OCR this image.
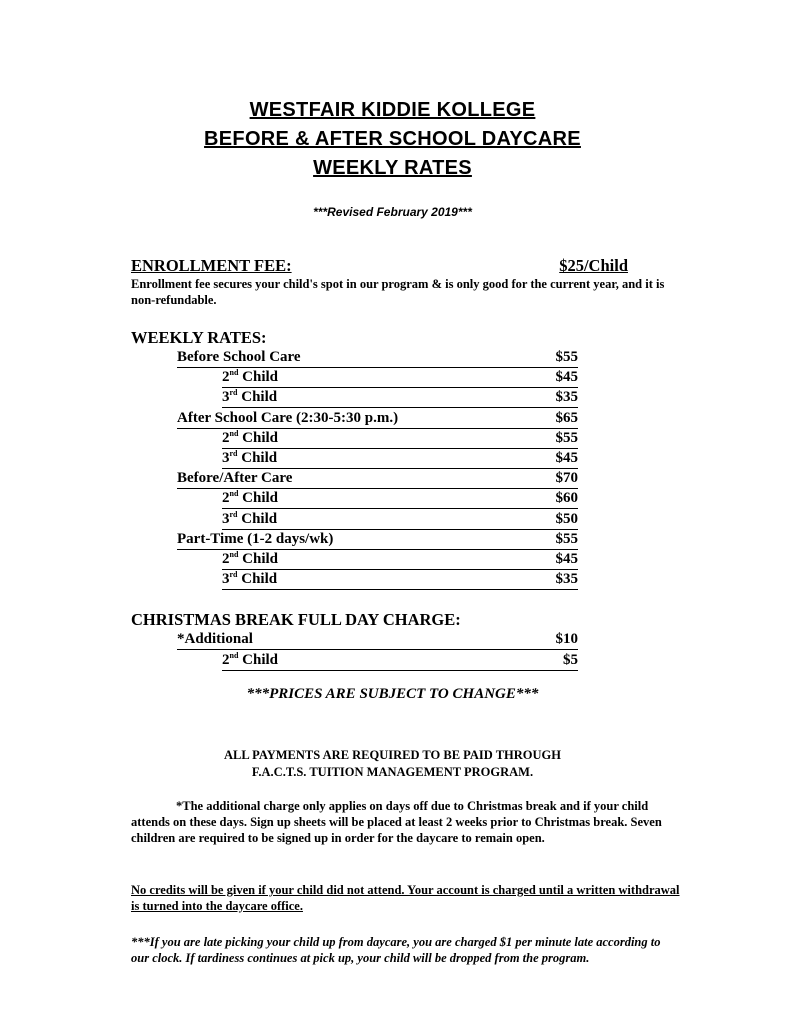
WESTFAIR KIDDIE KOLLEGE
BEFORE & AFTER SCHOOL DAYCARE
WEEKLY RATES
***Revised February 2019***
ENROLLMENT FEE:	$25/Child
Enrollment fee secures your child's spot in our program & is only good for the current year, and it is non-refundable.
WEEKLY RATES:
Before School Care	$55
2nd Child	$45
3rd Child	$35
After School Care (2:30-5:30 p.m.)	$65
2nd Child	$55
3rd Child	$45
Before/After Care	$70
2nd Child	$60
3rd Child	$50
Part-Time (1-2 days/wk)	$55
2nd Child	$45
3rd Child	$35
CHRISTMAS BREAK FULL DAY CHARGE:
*Additional	$10
2nd Child	$5
***PRICES ARE SUBJECT TO CHANGE***
ALL PAYMENTS ARE REQUIRED TO BE PAID THROUGH
F.A.C.T.S. TUITION MANAGEMENT PROGRAM.
*The additional charge only applies on days off due to Christmas break and if your child attends on these days. Sign up sheets will be placed at least 2 weeks prior to Christmas break. Seven children are required to be signed up in order for the daycare to remain open.
No credits will be given if your child did not attend. Your account is charged until a written withdrawal is turned into the daycare office.
***If you are late picking your child up from daycare, you are charged $1 per minute late according to our clock. If tardiness continues at pick up, your child will be dropped from the program.
